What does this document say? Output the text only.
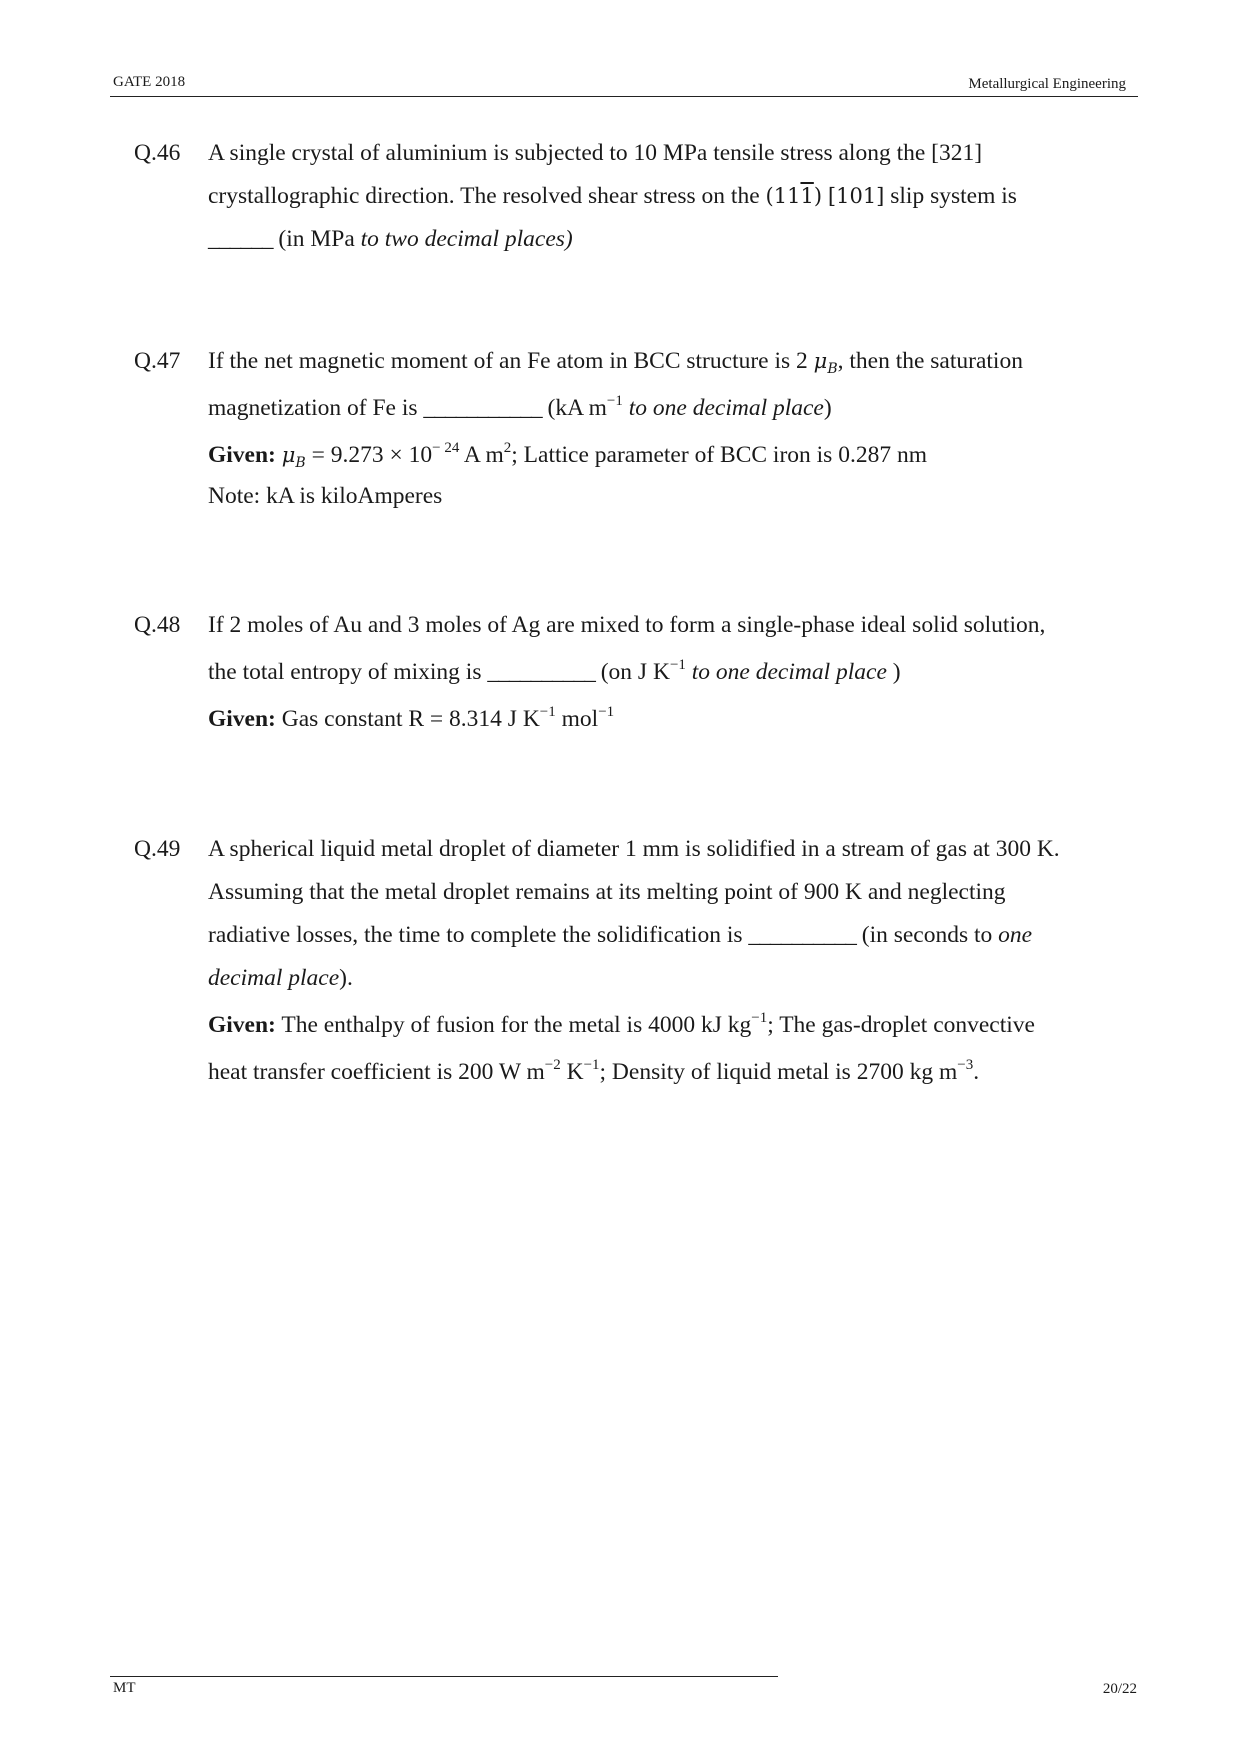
GATE 2018	Metallurgical Engineering
Q.46 A single crystal of aluminium is subjected to 10 MPa tensile stress along the [321]
crystallographic direction. The resolved shear stress on the (111) [101] slip system is
______ (in MPa to two decimal places)
Q.47 If the net magnetic moment of an Fe atom in BCC structure is 2 $\mu_B$, then the saturation
magnetization of Fe is ___________ (kA $m^{-1}$ to one decimal place)
Given: $\mu_B = 9.273 \times 10^{- 24}$ A $m^2$; Lattice parameter of BCC iron is 0.287 nm
Note: kA is kiloAmperes
Q.48 If 2 moles of Au and 3 moles of Ag are mixed to form a single-phase ideal solid solution,
the total entropy of mixing is __________ (on J $K^{-1}$ to one decimal place )
Given: Gas constant R = 8.314 J $K^{-1}$ mol$^{-1}$
Q.49 A spherical liquid metal droplet of diameter 1 mm is solidified in a stream of gas at 300 K.
Assuming that the metal droplet remains at its melting point of 900 K and neglecting
radiative losses, the time to complete the solidification is __________ (in seconds to one
decimal place).
Given: The enthalpy of fusion for the metal is 4000 kJ $kg^{-1}$; The gas-droplet convective
heat transfer coefficient is 200 W $m^{-2}$ $K^{-1}$; Density of liquid metal is 2700 kg $m^{-3}$.
MT	20/22
